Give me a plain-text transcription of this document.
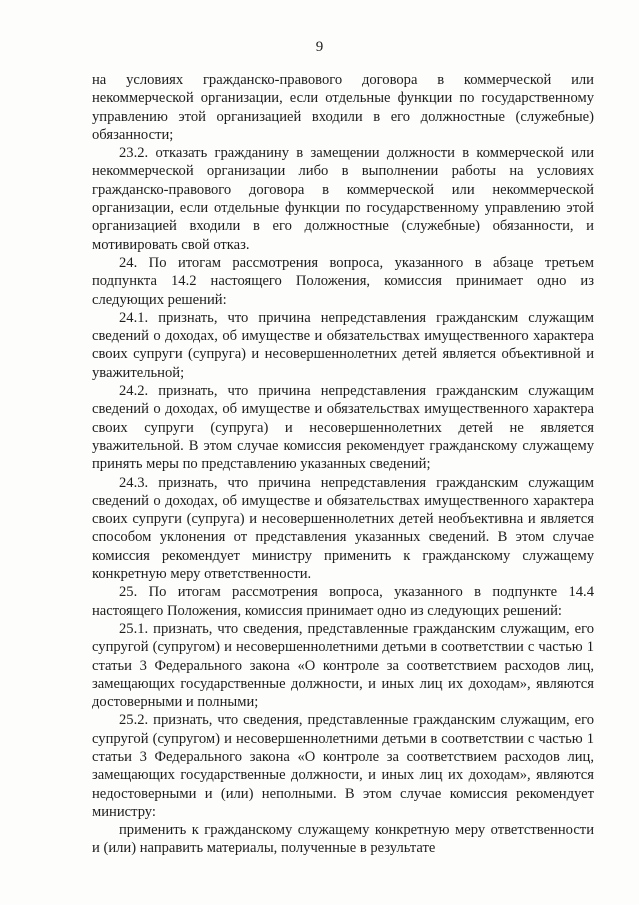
9

на условиях гражданско-правового договора в коммерческой или некоммерческой организации, если отдельные функции по государственному управлению этой организацией входили в его должностные (служебные) обязанности;

23.2. отказать гражданину в замещении должности в коммерческой или некоммерческой организации либо в выполнении работы на условиях гражданско-правового договора в коммерческой или некоммерческой организации, если отдельные функции по государственному управлению этой организацией входили в его должностные (служебные) обязанности, и мотивировать свой отказ.

24. По итогам рассмотрения вопроса, указанного в абзаце третьем подпункта 14.2 настоящего Положения, комиссия принимает одно из следующих решений:

24.1. признать, что причина непредставления гражданским служащим сведений о доходах, об имуществе и обязательствах имущественного характера своих супруги (супруга) и несовершеннолетних детей является объективной и уважительной;

24.2. признать, что причина непредставления гражданским служащим сведений о доходах, об имуществе и обязательствах имущественного характера своих супруги (супруга) и несовершеннолетних детей не является уважительной. В этом случае комиссия рекомендует гражданскому служащему принять меры по представлению указанных сведений;

24.3. признать, что причина непредставления гражданским служащим сведений о доходах, об имуществе и обязательствах имущественного характера своих супруги (супруга) и несовершеннолетних детей необъективна и является способом уклонения от представления указанных сведений. В этом случае комиссия рекомендует министру применить к гражданскому служащему конкретную меру ответственности.

25. По итогам рассмотрения вопроса, указанного в подпункте 14.4 настоящего Положения, комиссия принимает одно из следующих решений:

25.1. признать, что сведения, представленные гражданским служащим, его супругой (супругом) и несовершеннолетними детьми в соответствии с частью 1 статьи 3 Федерального закона «О контроле за соответствием расходов лиц, замещающих государственные должности, и иных лиц их доходам», являются достоверными и полными;

25.2. признать, что сведения, представленные гражданским служащим, его супругой (супругом) и несовершеннолетними детьми в соответствии с частью 1 статьи 3 Федерального закона «О контроле за соответствием расходов лиц, замещающих государственные должности, и иных лиц их доходам», являются недостоверными и (или) неполными. В этом случае комиссия рекомендует министру:

применить к гражданскому служащему конкретную меру ответственности и (или) направить материалы, полученные в результате
